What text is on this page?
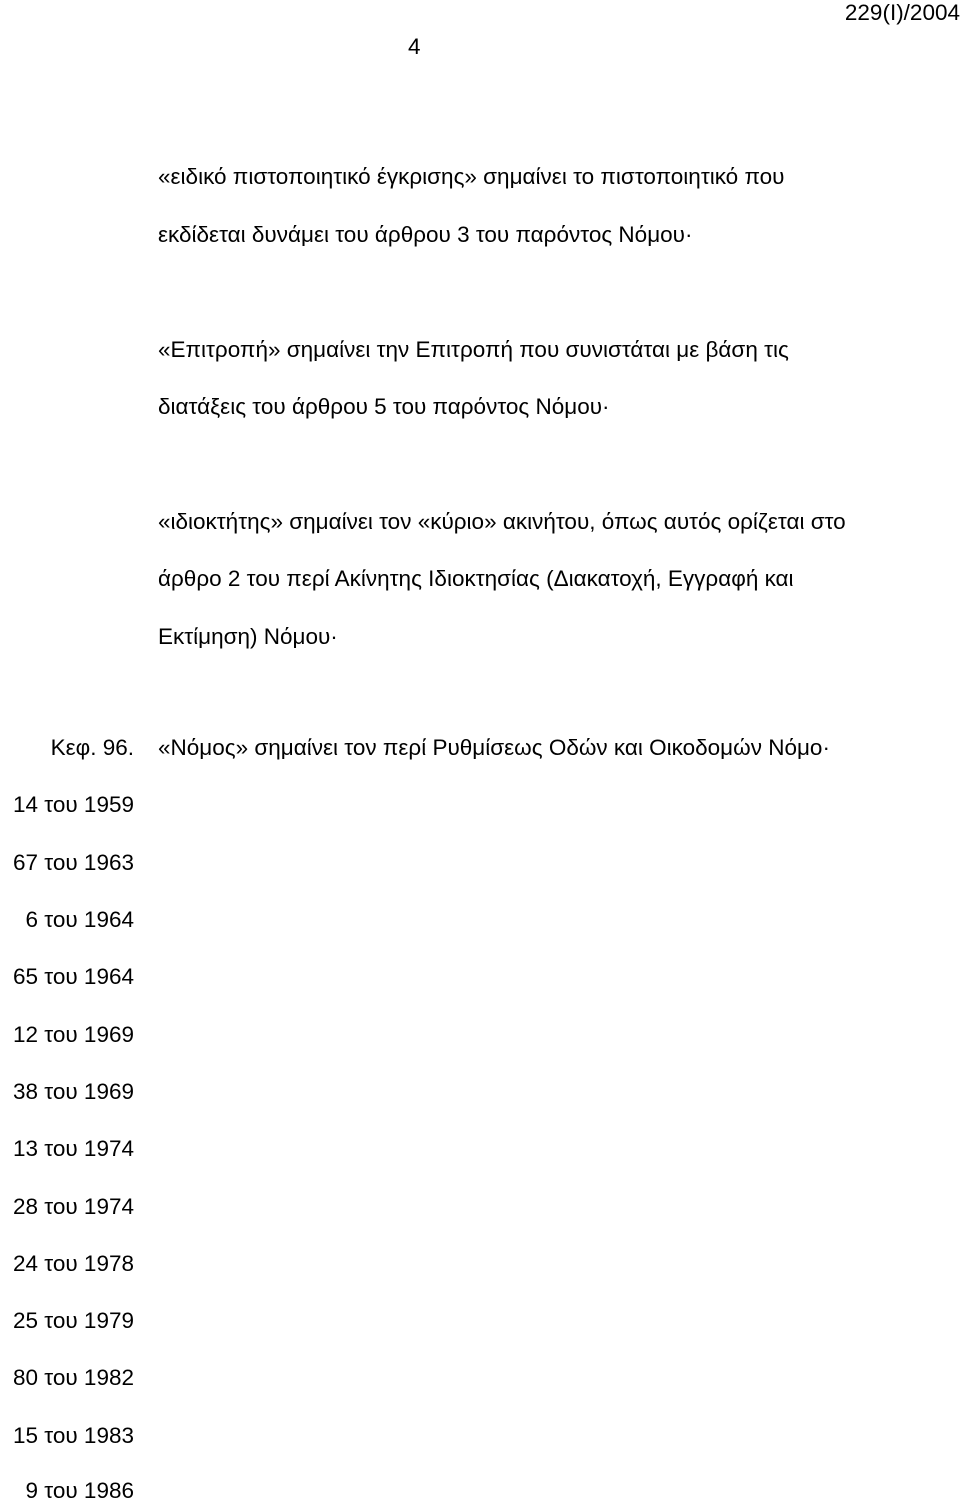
229(Ι)/2004
4
«ειδικό πιστοποιητικό έγκρισης» σημαίνει το πιστοποιητικό που
εκδίδεται δυνάμει του άρθρου 3 του παρόντος Νόμου·
«Επιτροπή» σημαίνει την Επιτροπή που συνιστάται με βάση τις
διατάξεις του άρθρου 5 του παρόντος Νόμου·
«ιδιοκτήτης» σημαίνει τον «κύριο» ακινήτου, όπως αυτός ορίζεται στο
άρθρο 2 του περί Ακίνητης Ιδιοκτησίας (Διακατοχή, Εγγραφή και
Εκτίμηση) Νόμου·
«Νόμος» σημαίνει τον περί Ρυθμίσεως Οδών και Οικοδομών Νόμο·
Κεφ. 96.
14 του 1959
67 του 1963
6 του 1964
65 του 1964
12 του 1969
38 του 1969
13 του 1974
28 του 1974
24 του 1978
25 του 1979
80 του 1982
15 του 1983
9 του 1986
